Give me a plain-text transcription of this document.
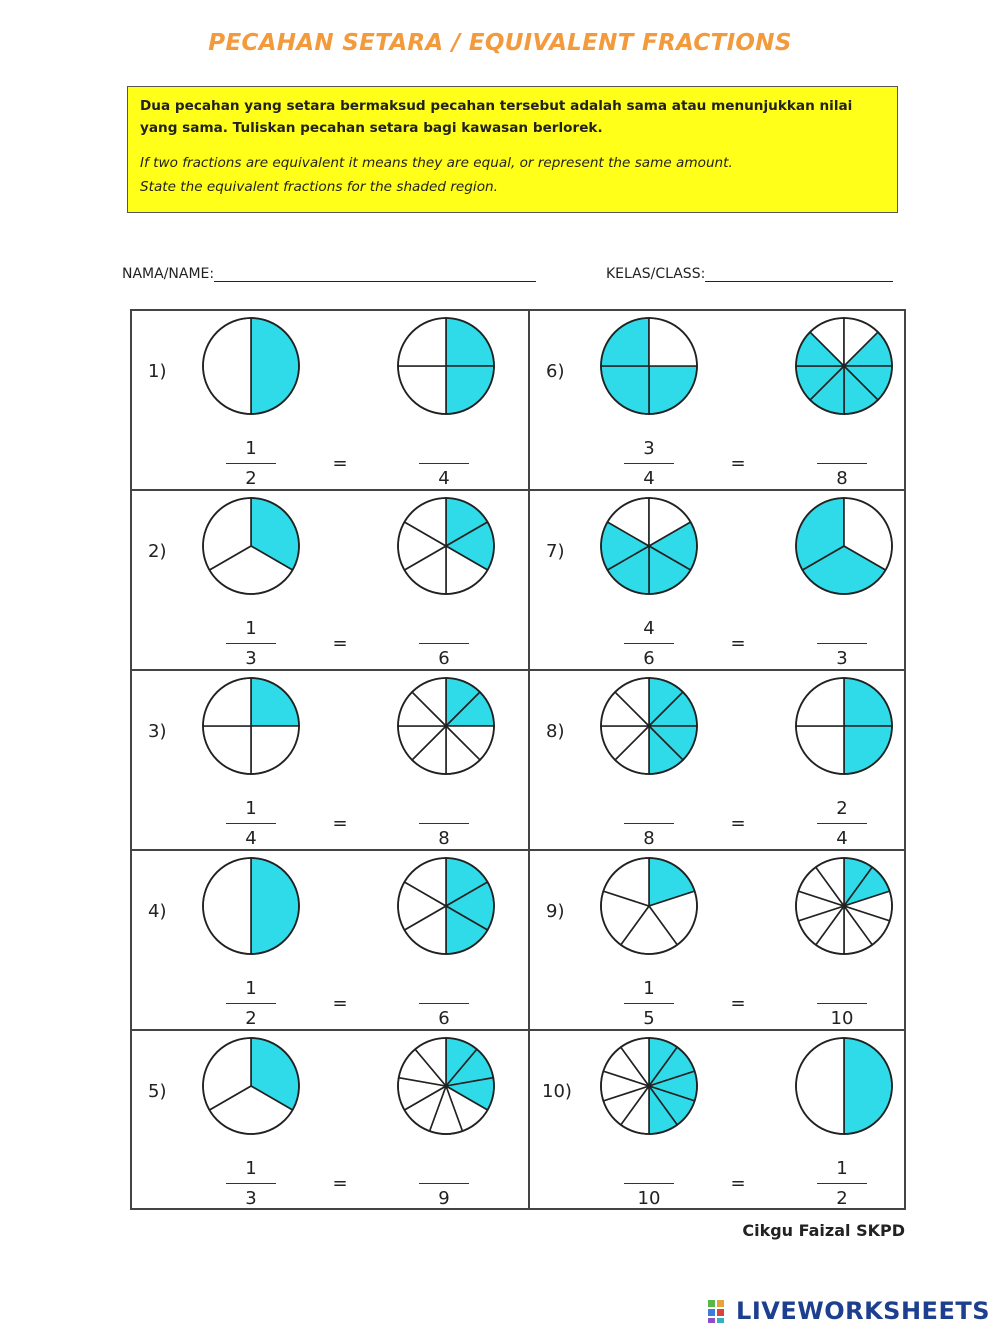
PECAHAN SETARA / EQUIVALENT FRACTIONS
Dua pecahan yang setara bermaksud pecahan tersebut adalah sama atau menunjukkan nilai
yang sama. Tuliskan pecahan setara bagi kawasan berlorek.
If two fractions are equivalent it means they are equal, or represent the same amount.
State the equivalent fractions for the shaded region.
NAMA/NAME:	KELAS/CLASS:
1)
1
2
=
4
2)
1
3
=
6
3)
1
4
=
8
4)
1
2
=
6
5)
1
3
=
9
6)
3
4
=
8
7)
4
6
=
3
8)
8
=
2
4
9)
1
5
=
10
10)
10
=
1
2
Cikgu Faizal SKPD
LIVEWORKSHEETS
